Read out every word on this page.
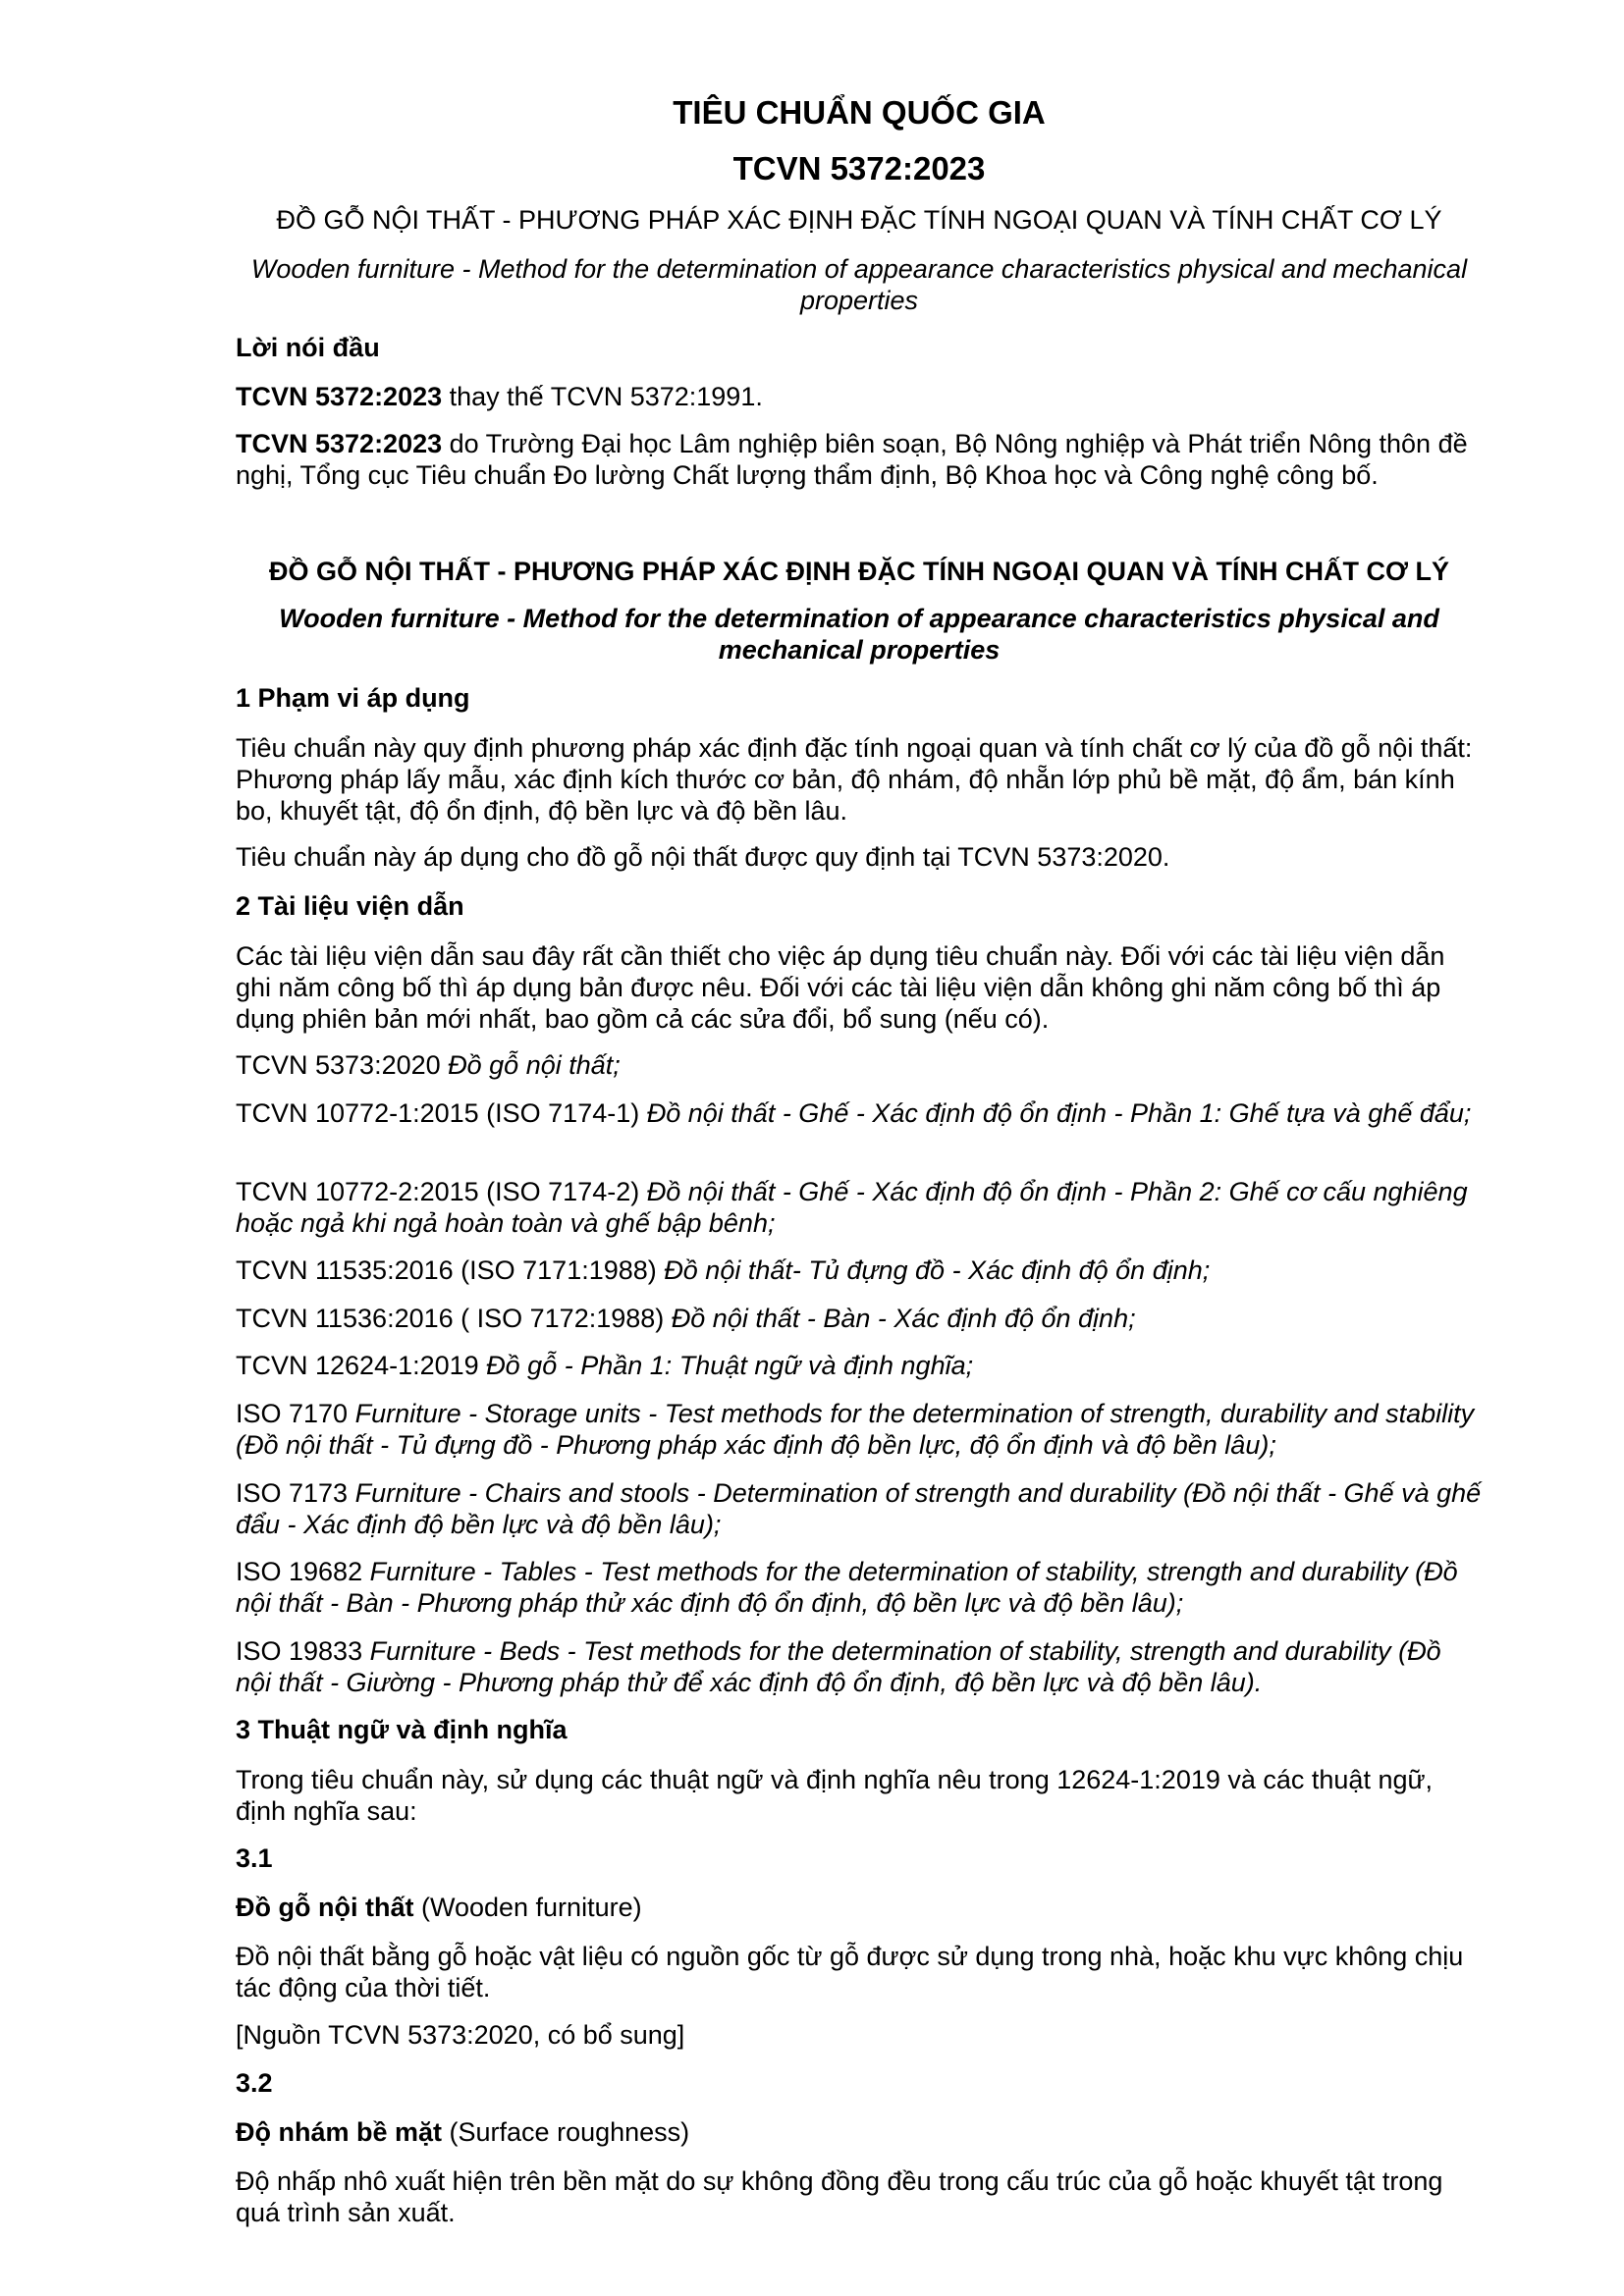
TIÊU CHUẨN QUỐC GIA

TCVN 5372:2023

ĐỒ GỖ NỘI THẤT - PHƯƠNG PHÁP XÁC ĐỊNH ĐẶC TÍNH NGOẠI QUAN VÀ TÍNH CHẤT CƠ LÝ

Wooden furniture - Method for the determination of appearance characteristics physical and mechanical properties

Lời nói đầu

TCVN 5372:2023 thay thế TCVN 5372:1991.

TCVN 5372:2023 do Trường Đại học Lâm nghiệp biên soạn, Bộ Nông nghiệp và Phát triển Nông thôn đề nghị, Tổng cục Tiêu chuẩn Đo lường Chất lượng thẩm định, Bộ Khoa học và Công nghệ công bố.

ĐỒ GỖ NỘI THẤT - PHƯƠNG PHÁP XÁC ĐỊNH ĐẶC TÍNH NGOẠI QUAN VÀ TÍNH CHẤT CƠ LÝ

Wooden furniture - Method for the determination of appearance characteristics physical and mechanical properties

1 Phạm vi áp dụng

Tiêu chuẩn này quy định phương pháp xác định đặc tính ngoại quan và tính chất cơ lý của đồ gỗ nội thất: Phương pháp lấy mẫu, xác định kích thước cơ bản, độ nhám, độ nhẵn lớp phủ bề mặt, độ ẩm, bán kính bo, khuyết tật, độ ổn định, độ bền lực và độ bền lâu.

Tiêu chuẩn này áp dụng cho đồ gỗ nội thất được quy định tại TCVN 5373:2020.

2 Tài liệu viện dẫn

Các tài liệu viện dẫn sau đây rất cần thiết cho việc áp dụng tiêu chuẩn này. Đối với các tài liệu viện dẫn ghi năm công bố thì áp dụng bản được nêu. Đối với các tài liệu viện dẫn không ghi năm công bố thì áp dụng phiên bản mới nhất, bao gồm cả các sửa đổi, bổ sung (nếu có).

TCVN 5373:2020 Đồ gỗ nội thất;

TCVN 10772-1:2015 (ISO 7174-1) Đồ nội thất - Ghế - Xác định độ ổn định - Phần 1: Ghế tựa và ghế đẩu;

TCVN 10772-2:2015 (ISO 7174-2) Đồ nội thất - Ghế - Xác định độ ổn định - Phần 2: Ghế cơ cấu nghiêng hoặc ngả khi ngả hoàn toàn và ghế bập bênh;

TCVN 11535:2016 (ISO 7171:1988) Đồ nội thất- Tủ đựng đồ - Xác định độ ổn định;

TCVN 11536:2016 ( ISO 7172:1988) Đồ nội thất - Bàn - Xác định độ ổn định;

TCVN 12624-1:2019 Đồ gỗ - Phần 1: Thuật ngữ và định nghĩa;

ISO 7170 Furniture - Storage units - Test methods for the determination of strength, durability and stability (Đồ nội thất - Tủ đựng đồ - Phương pháp xác định độ bền lực, độ ổn định và độ bền lâu);

ISO 7173 Furniture - Chairs and stools - Determination of strength and durability (Đồ nội thất - Ghế và ghế đẩu - Xác định độ bền lực và độ bền lâu);

ISO 19682 Furniture - Tables - Test methods for the determination of stability, strength and durability (Đồ nội thất - Bàn - Phương pháp thử xác định độ ổn định, độ bền lực và độ bền lâu);

ISO 19833 Furniture - Beds - Test methods for the determination of stability, strength and durability (Đồ nội thất - Giường - Phương pháp thử để xác định độ ổn định, độ bền lực và độ bền lâu).

3 Thuật ngữ và định nghĩa

Trong tiêu chuẩn này, sử dụng các thuật ngữ và định nghĩa nêu trong 12624-1:2019 và các thuật ngữ, định nghĩa sau:

3.1

Đồ gỗ nội thất (Wooden furniture)

Đồ nội thất bằng gỗ hoặc vật liệu có nguồn gốc từ gỗ được sử dụng trong nhà, hoặc khu vực không chịu tác động của thời tiết.

[Nguồn TCVN 5373:2020, có bổ sung]

3.2

Độ nhám bề mặt (Surface roughness)

Độ nhấp nhô xuất hiện trên bền mặt do sự không đồng đều trong cấu trúc của gỗ hoặc khuyết tật trong quá trình sản xuất.
